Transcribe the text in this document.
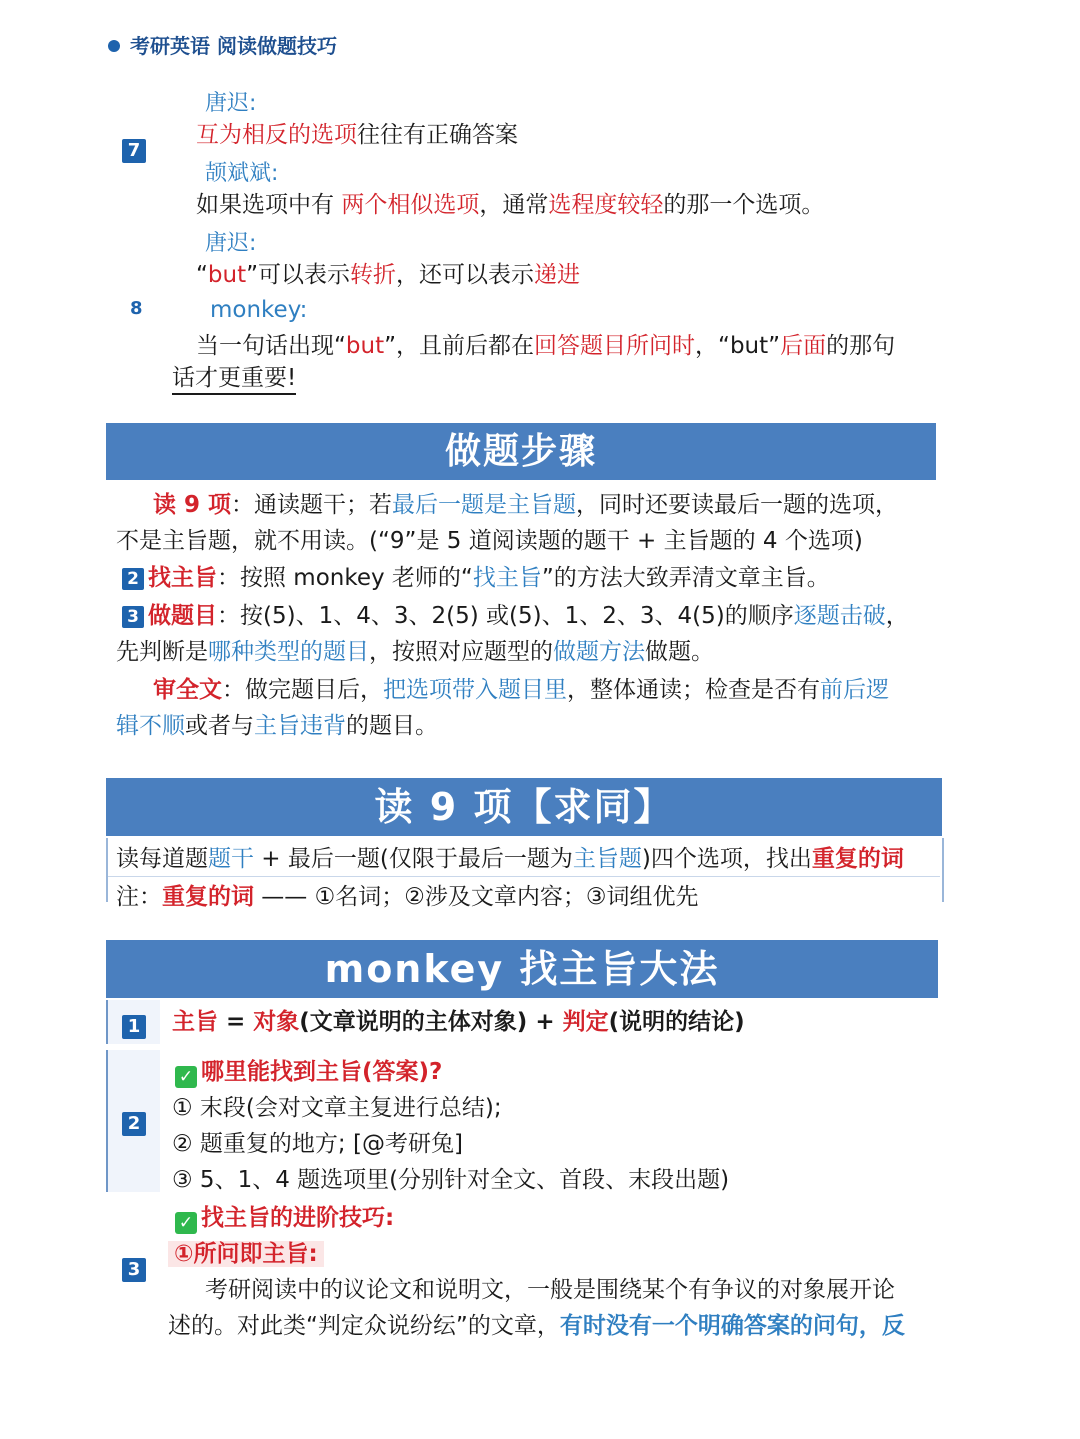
考研英语 阅读做题技巧
7
唐迟:
互为相反的选项往往有正确答案
颉斌斌:
如果选项中有 两个相似选项，通常选程度较轻的那一个选项。
8
唐迟:
“but”可以表示转折，还可以表示递进
monkey:
当一句话出现“but”，且前后都在回答题目所问时，“but”后面的那句
话才更重要!
做题步骤
读 9 项：通读题干；若最后一题是主旨题，同时还要读最后一题的选项，
不是主旨题，就不用读。(“9”是 5 道阅读题的题干 + 主旨题的 4 个选项)
2 找主旨：按照 monkey 老师的“找主旨”的方法大致弄清文章主旨。
3 做题目：按(5)、1、4、3、2(5) 或(5)、1、2、3、4(5)的顺序逐题击破，
先判断是哪种类型的题目，按照对应题型的做题方法做题。
审全文：做完题目后，把选项带入题目里，整体通读；检查是否有前后逻
辑不顺或者与主旨违背的题目。
读 9 项【求同】
读每道题题干 + 最后一题(仅限于最后一题为主旨题)四个选项，找出重复的词
注：重复的词 —— ①名词；②涉及文章内容；③词组优先
monkey 找主旨大法
1 主旨 = 对象(文章说明的主体对象) + 判定(说明的结论)
2
✓ 哪里能找到主旨(答案)?
① 末段(会对文章主复进行总结);
② 题重复的地方; [@考研兔]
③ 5、1、4 题选项里(分别针对全文、首段、末段出题)
3
✓ 找主旨的进阶技巧:
①所问即主旨:
考研阅读中的议论文和说明文，一般是围绕某个有争议的对象展开论
述的。对此类“判定众说纷纭”的文章，有时没有一个明确答案的问句，反
